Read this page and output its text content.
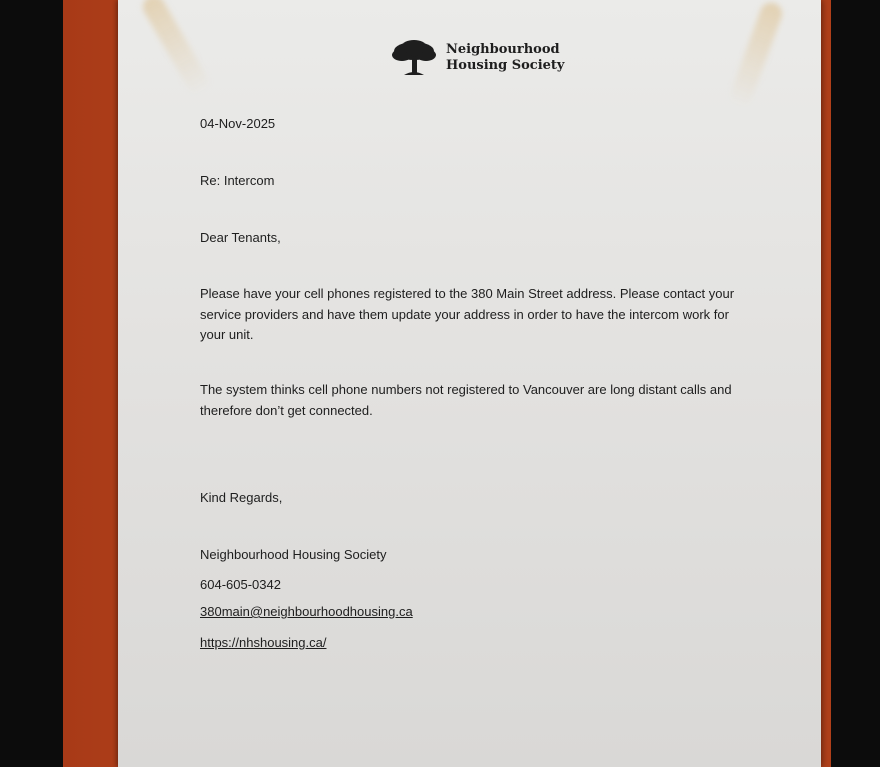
Neighbourhood
Housing Society

04-Nov-2025

Re: Intercom

Dear Tenants,

Please have your cell phones registered to the 380 Main Street address. Please contact your service providers and have them update your address in order to have the intercom work for your unit.

The system thinks cell phone numbers not registered to Vancouver are long distant calls and therefore don’t get connected.

Kind Regards,

Neighbourhood Housing Society

604-605-0342

380main@neighbourhoodhousing.ca

https://nhshousing.ca/
